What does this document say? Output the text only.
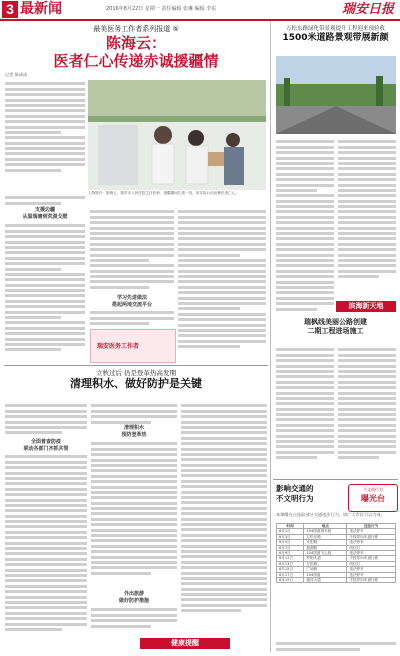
3 最新闻	2016年8月22日 星期一 责任编辑 张琳 编辑 李东	瑞安日报
最美医务工作者系列报道 ⑤
陈海云：
医者仁心传递赤诚援疆情
记者 陈成成
人物简介：陈海云，瑞安市人民医院主任医师，援疆期间扎根一线，用实际行动诠释医者仁心。
支援边疆
从温瑞塘到荒漠戈壁
学习先进做法
搭起两地交流平台
瑞安医务工作者
万松东路绿化带景观提升工程迎来预验收
1500米道路景观带展新颜
滨海新天地
瑞枫线美丽公路创建
二期工程进场施工
立秋过后 仍是登革热高发期
清理积水、做好防护是关键
全面普查防疫
联动各部门齐抓共管
清理积水
预防登革热
外出旅游
做好防护措施
健康提醒
影响交通的
不文明行为
不文明行为
曝光台
本期曝光台选取部分交通违法行为，请广大市民引以为戒。
时间	地点	违法行为
8月1日	104国道瑞安段	违法停车
8月3日	万松东路	不按导向车道行驶
8月5日	安阳路	违法停车
8月7日	瑞湖路	闯红灯
8月9日	104国道飞云段	违法停车
8月11日	罗阳大道	不按导向车道行驶
8月13日	万松路	闯红灯
8月15日	广场路	违法停车
8月17日	104国道	违法停车
8月19日	瑞祥大道	不按导向车道行驶
